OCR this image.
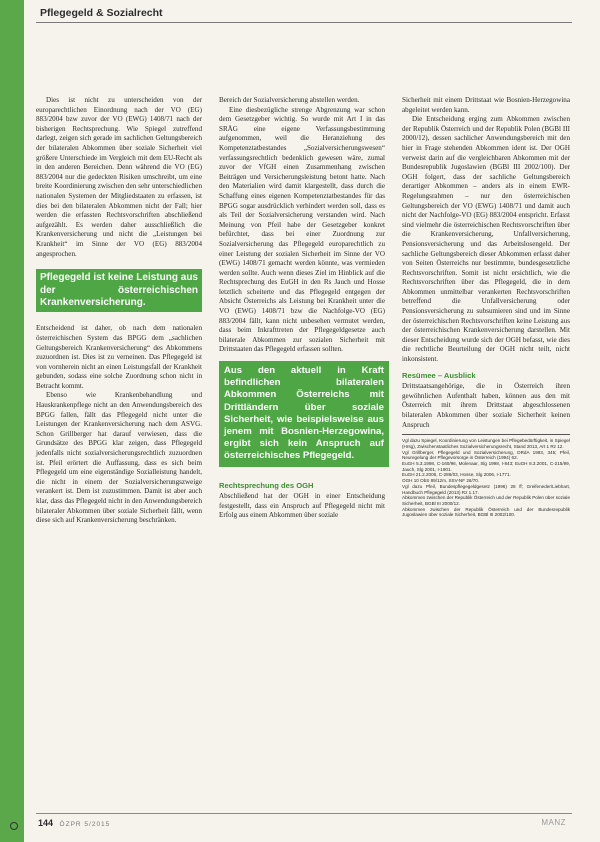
Pflegegeld & Sozialrecht

Dies ist nicht zu unterscheiden von der europarechtlichen Einordnung nach der VO (EG) 883/2004 bzw zuvor der VO (EWG) 1408/71 nach der bisherigen Rechtsprechung. Wie Spiegel zutreffend darlegt, zeigen sich gerade im sachlichen Geltungsbereich der bilateralen Abkommen über soziale Sicherheit viel größere Unterschiede im Vergleich mit dem EU-Recht als in den anderen Bereichen. Denn während die VO (EG) 883/2004 nur die gedeckten Risiken umschreibt, um eine breite Koordinierung zwischen den sehr unterschiedlichen nationalen Systemen der Mitgliedstaaten zu erfassen, ist dies bei den bilateralen Abkommen nicht der Fall; hier werden die erfassten Rechtsvorschriften abschließend aufgezählt. Es werden daher ausschließlich die Krankenversicherung und nicht die „Leistungen bei Krankheit“ im Sinne der VO (EG) 883/2004 angesprochen.

Pflegegeld ist keine Leistung aus der österreichischen Krankenversicherung.

Entscheidend ist daher, ob nach dem nationalen österreichischen System das BPGG dem „sachlichen Geltungsbereich Krankenversicherung“ des Abkommens zuzuordnen ist. Dies ist zu verneinen. Das Pflegegeld ist von vornherein nicht an einen Leistungsfall der Krankheit gebunden, sodass eine solche Zuordnung schon nicht in Betracht kommt.

Ebenso wie Krankenbehandlung und Hauskrankenpflege nicht an den Anwendungsbereich des BPGG fallen, fällt das Pflegegeld nicht unter die Leistungen der Krankenversicherung nach dem ASVG. Schon Grillberger hat darauf verwiesen, dass die Grundsätze des BPGG klar zeigen, dass Pflegegeld jedenfalls nicht sozialversicherungsrechtlich zuzuordnen ist. Pfeil erörtert die Auffassung, dass es sich beim Pflegegeld um eine eigenständige Sozialleistung handelt, die nicht in einem der Sozialversicherungszweige verankert ist. Dem ist zuzustimmen. Damit ist aber auch klar, dass das Pflegegeld nicht in den Anwendungsbereich bilateraler Abkommen über soziale Sicherheit fällt, wenn diese sich auf Krankenversicherung beschränken.

Bereich der Sozialversicherung abstellen werden.

Eine diesbezügliche strenge Abgrenzung war schon dem Gesetzgeber wichtig. So wurde mit Art I in das SRÄG eine eigene Verfassungsbestimmung aufgenommen, weil die Heranziehung des Kompetenztatbestandes „Sozialversicherungswesen“ verfassungsrechtlich bedenklich gewesen wäre, zumal zuvor der VfGH einen Zusammenhang zwischen Beiträgen und Versicherungsleistung betont hatte. Nach den Materialien wird damit klargestellt, dass durch die Schaffung eines eigenen Kompetenztatbestandes für das BPGG sogar ausdrücklich verhindert werden soll, dass es als Teil der Sozialversicherung verstanden wird. Nach Meinung von Pfeil habe der Gesetzgeber konkret befürchtet, dass bei einer Zuordnung zur Sozialversicherung das Pflegegeld europarechtlich zu einer Leistung der sozialen Sicherheit im Sinne der VO (EWG) 1408/71 gemacht werden könnte, was vermieden werden sollte. Auch wenn dieses Ziel im Hinblick auf die Rechtsprechung des EuGH in den Rs Jauch und Hosse letztlich scheiterte und das Pflegegeld entgegen der Absicht Österreichs als Leistung bei Krankheit unter die VO (EWG) 1408/71 bzw die Nachfolge-VO (EG) 883/2004 fällt, kann nicht unbesehen vermutet werden, dass beim Inkrafttreten der Pflegegeldgesetze auch bilaterale Abkommen zur sozialen Sicherheit mit Drittstaaten das Pflegegeld erfassen sollten.

Aus den aktuell in Kraft befindlichen bilateralen Abkommen Österreichs mit Drittländern über soziale Sicherheit, wie beispielsweise aus jenem mit Bosnien-Herzegowina, ergibt sich kein Anspruch auf österreichisches Pflegegeld.
Rechtsprechung des OGH

Abschließend hat der OGH in einer Entscheidung festgestellt, dass ein Anspruch auf Pflegegeld nicht mit Erfolg aus einem Abkommen über soziale

Sicherheit mit einem Drittstaat wie Bosnien-Herzegowina abgeleitet werden kann.

Die Entscheidung erging zum Abkommen zwischen der Republik Österreich und der Republik Polen (BGBl III 2000/12), dessen sachlicher Anwendungsbereich mit den hier in Frage stehenden Abkommen ident ist. Der OGH verweist darin auf die vergleichbaren Abkommen mit der Bundesrepublik Jugoslawien (BGBl III 2002/100). Der OGH folgert, dass der sachliche Geltungsbereich derartiger Abkommen – anders als in einem EWR-Regelungsrahmen – nur den österreichischen Geltungsbereich der VO (EWG) 1408/71 und damit auch nicht der Nachfolge-VO (EG) 883/2004 entspricht. Erfasst sind vielmehr die österreichischen Rechtsvorschriften über die Krankenversicherung, Unfallversicherung, Pensionsversicherung und das Arbeitslosengeld. Der sachliche Geltungsbereich dieser Abkommen erfasst daher von Seiten Österreichs nur bestimmte, bundesgesetzliche Rechtsvorschriften. Somit ist nicht ersichtlich, wie die Rechtsvorschriften über das Pflegegeld, die in dem Abkommen unmittelbar verankerten Rechtsvorschriften betreffend die Unfallversicherung oder Pensionsversicherung zu subsumieren sind und im Sinne der österreichischen Rechtsvorschriften keine Leistung aus der österreichischen Krankenversicherung darstellen. Mit dieser Entscheidung wurde sich der OGH befasst, wie dies die rechtliche Beurteilung der OGH nicht teilt, nicht inkonsistent.

Resümee – Ausblick

Drittstaatsangehörige, die in Österreich ihren gewöhnlichen Aufenthalt haben, können aus den mit Österreich mit ihrem Drittstaat abgeschlossenen bilateralen Abkommen über soziale Sicherheit keinen Anspruch

Vgl dazu Spiegel, Koordinierung von Leistungen bei Pflegebedürftigkeit, in Spiegel (Hrsg), Zwischenstaatliches Sozialversicherungsrecht, Stand 2013, Art 1 Rz 12.

Vgl Grillberger, Pflegegeld und Sozialversicherung, DRdA 1993, 345; Pfeil, Neuregelung der Pflegevorsorge in Österreich (1994) 62.

EuGH 5.3.1998, C-160/96, Molenaar, Slg 1998, I-843; EuGH 8.3.2001, C-215/99, Jauch, Slg 2001, I-1901.

EuGH 21.2.2006, C-286/03, Hosse, Slg 2006, I-1771.

OGH 10 ObS 89/12m, SSV-NF 26/70.

Vgl dazu Pfeil, Bundespflegegeldgesetz (1996) 28 ff; Greifeneder/Liebhart, Handbuch Pflegegeld (2013) Rz 1.17.

Abkommen zwischen der Republik Österreich und der Republik Polen über soziale Sicherheit, BGBl III 2000/12.

Abkommen zwischen der Republik Österreich und der Bundesrepublik Jugoslawien über soziale Sicherheit, BGBl III 2002/100.

144 ÖZPR 5/2015	MANZ
